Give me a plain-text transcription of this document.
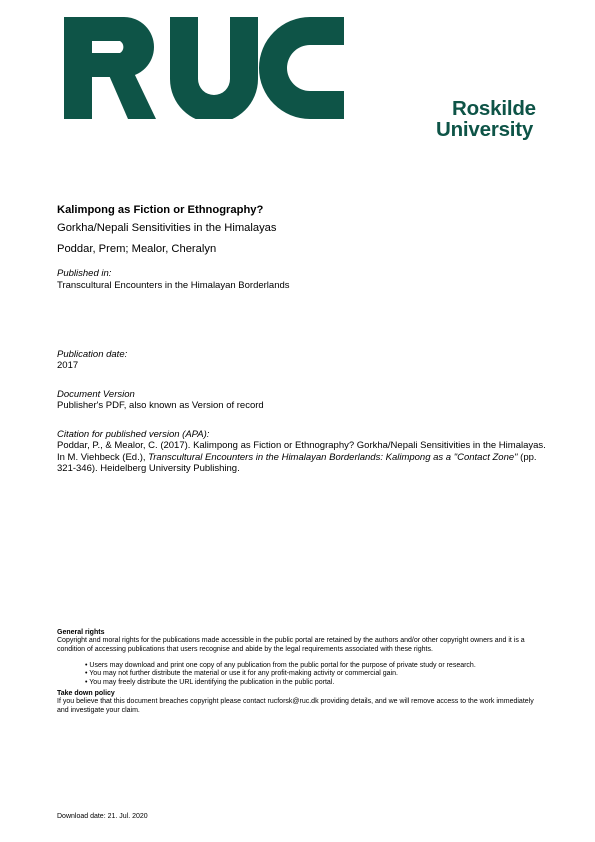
Roskilde
University
Kalimpong as Fiction or Ethnography?
Gorkha/Nepali Sensitivities in the Himalayas
Poddar, Prem; Mealor, Cheralyn
Published in:
Transcultural Encounters in the Himalayan Borderlands
Publication date:
2017
Document Version
Publisher's PDF, also known as Version of record
Citation for published version (APA):
Poddar, P., & Mealor, C. (2017). Kalimpong as Fiction or Ethnography? Gorkha/Nepali Sensitivities in the Himalayas. In M. Viehbeck (Ed.), Transcultural Encounters in the Himalayan Borderlands: Kalimpong as a "Contact Zone" (pp. 321-346). Heidelberg University Publishing.
General rights
Copyright and moral rights for the publications made accessible in the public portal are retained by the authors and/or other copyright owners and it is a condition of accessing publications that users recognise and abide by the legal requirements associated with these rights.
• Users may download and print one copy of any publication from the public portal for the purpose of private study or research.
• You may not further distribute the material or use it for any profit-making activity or commercial gain.
• You may freely distribute the URL identifying the publication in the public portal.
Take down policy
If you believe that this document breaches copyright please contact rucforsk@ruc.dk providing details, and we will remove access to the work immediately and investigate your claim.
Download date: 21. Jul. 2020
